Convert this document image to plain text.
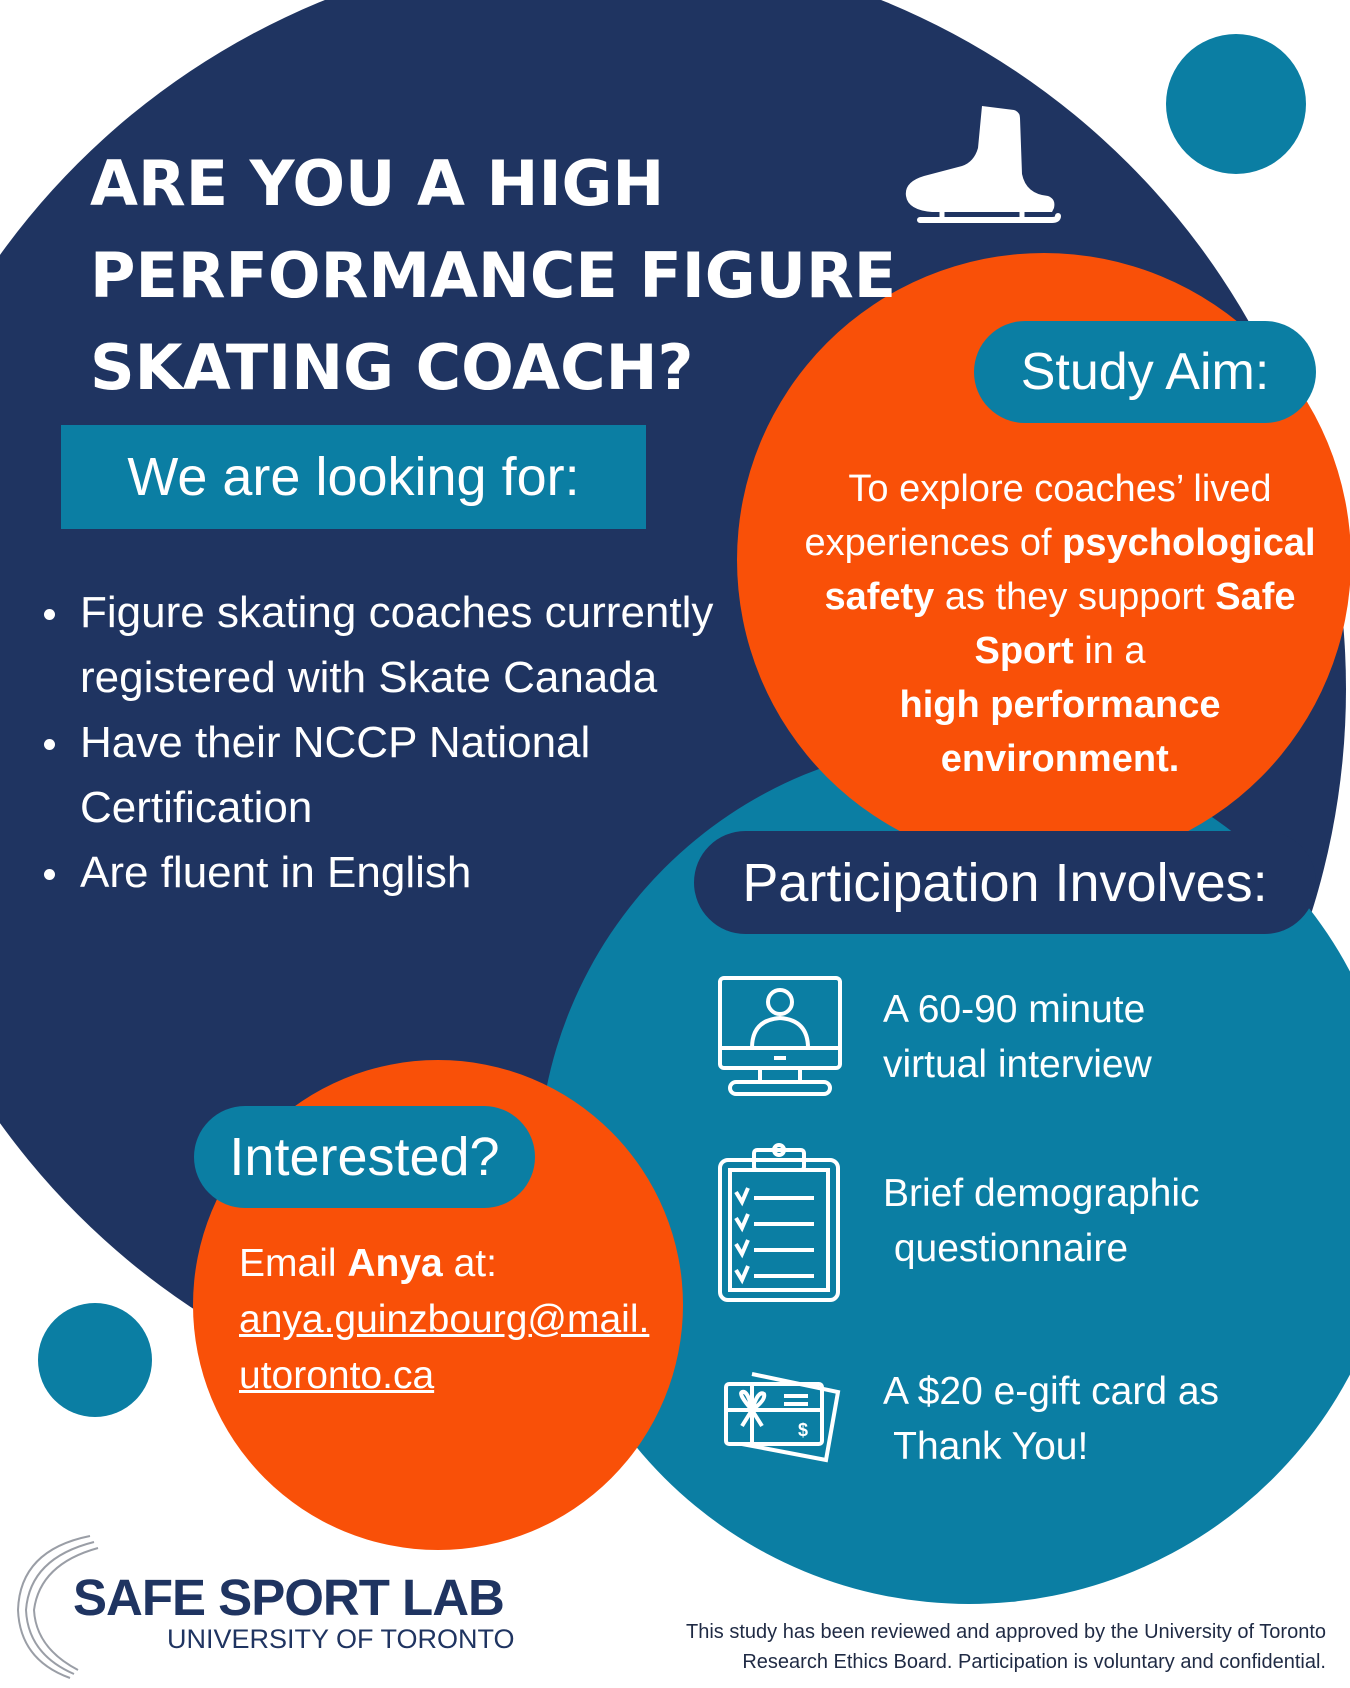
ARE YOU A HIGH
PERFORMANCE FIGURE
SKATING COACH?
We are looking for:
Figure skating coaches currently registered with Skate Canada
Have their NCCP National Certification
Are fluent in English
Study Aim:
To explore coaches’ lived experiences of psychological safety as they support Safe Sport in a
high performance environment.
Participation Involves:
A 60-90 minute
virtual interview
Brief demographic
questionnaire
$
A $20 e-gift card as
Thank You!
Interested?
Email Anya at:
anya.guinzbourg@mail.
utoronto.ca
SAFE SPORT LAB
UNIVERSITY OF TORONTO	This study has been reviewed and approved by the University of Toronto
Research Ethics Board. Participation is voluntary and confidential.
